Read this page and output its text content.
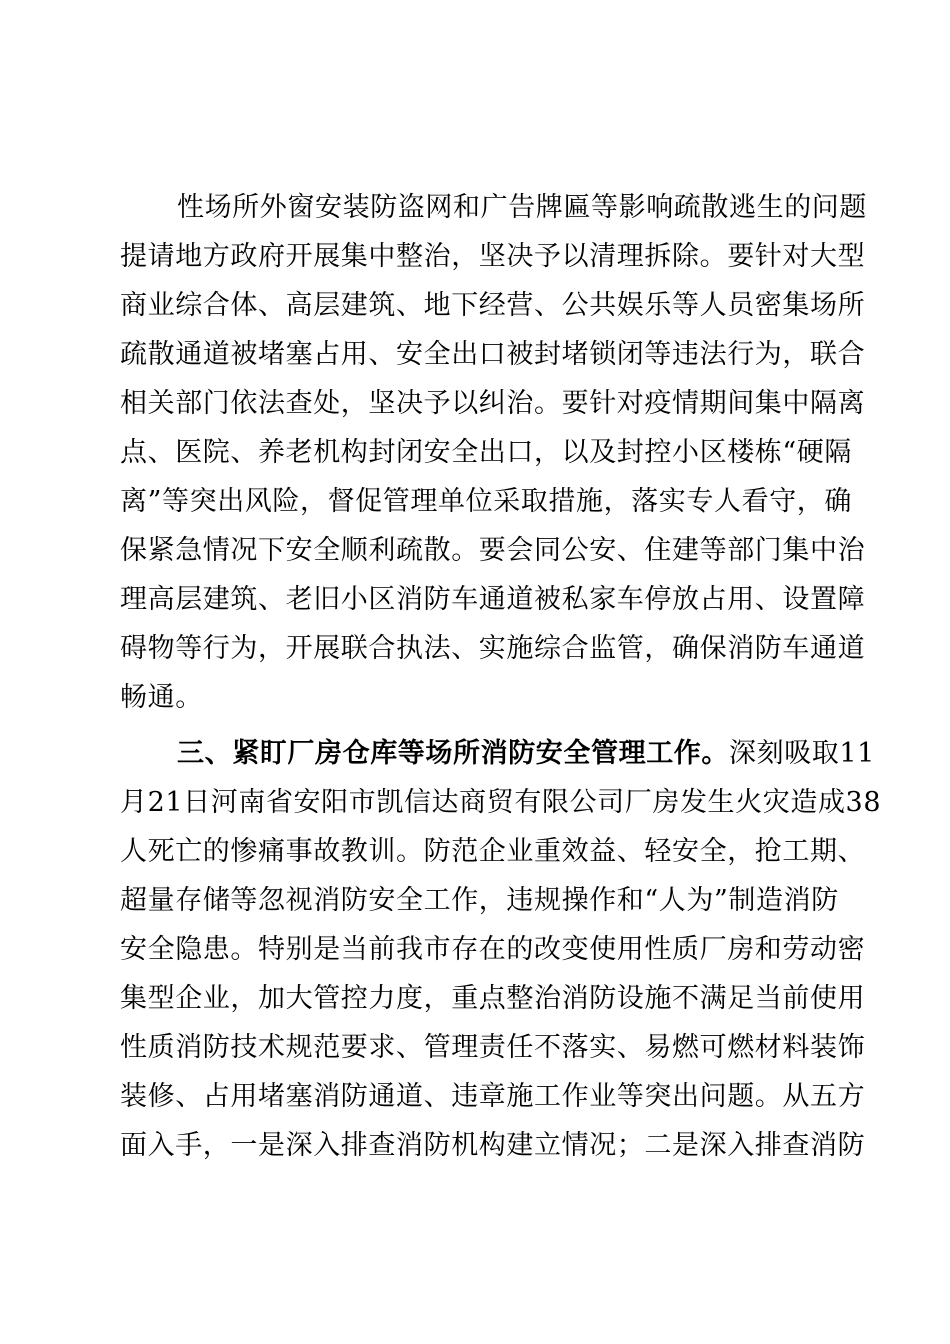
性场所外窗安装防盗网和广告牌匾等影响疏散逃生的问题
提请地方政府开展集中整治，坚决予以清理拆除。要针对大型
商业综合体、高层建筑、地下经营、公共娱乐等人员密集场所
疏散通道被堵塞占用、安全出口被封堵锁闭等违法行为，联合
相关部门依法查处，坚决予以纠治。要针对疫情期间集中隔离
点、医院、养老机构封闭安全出口，以及封控小区楼栋“硬隔
离”等突出风险，督促管理单位采取措施，落实专人看守，确
保紧急情况下安全顺利疏散。要会同公安、住建等部门集中治
理高层建筑、老旧小区消防车通道被私家车停放占用、设置障
碍物等行为，开展联合执法、实施综合监管，确保消防车通道
畅通。
三、紧盯厂房仓库等场所消防安全管理工作。 深刻吸取11
月21日河南省安阳市凯信达商贸有限公司厂房发生火灾造成38
人死亡的惨痛事故教训。防范企业重效益、轻安全，抢工期、
超量存储等忽视消防安全工作，违规操作和“人为”制造消防
安全隐患。特别是当前我市存在的改变使用性质厂房和劳动密
集型企业，加大管控力度，重点整治消防设施不满足当前使用
性质消防技术规范要求、管理责任不落实、易燃可燃材料装饰
装修、占用堵塞消防通道、违章施工作业等突出问题。从五方
面入手，一是深入排查消防机构建立情况；二是深入排查消防
